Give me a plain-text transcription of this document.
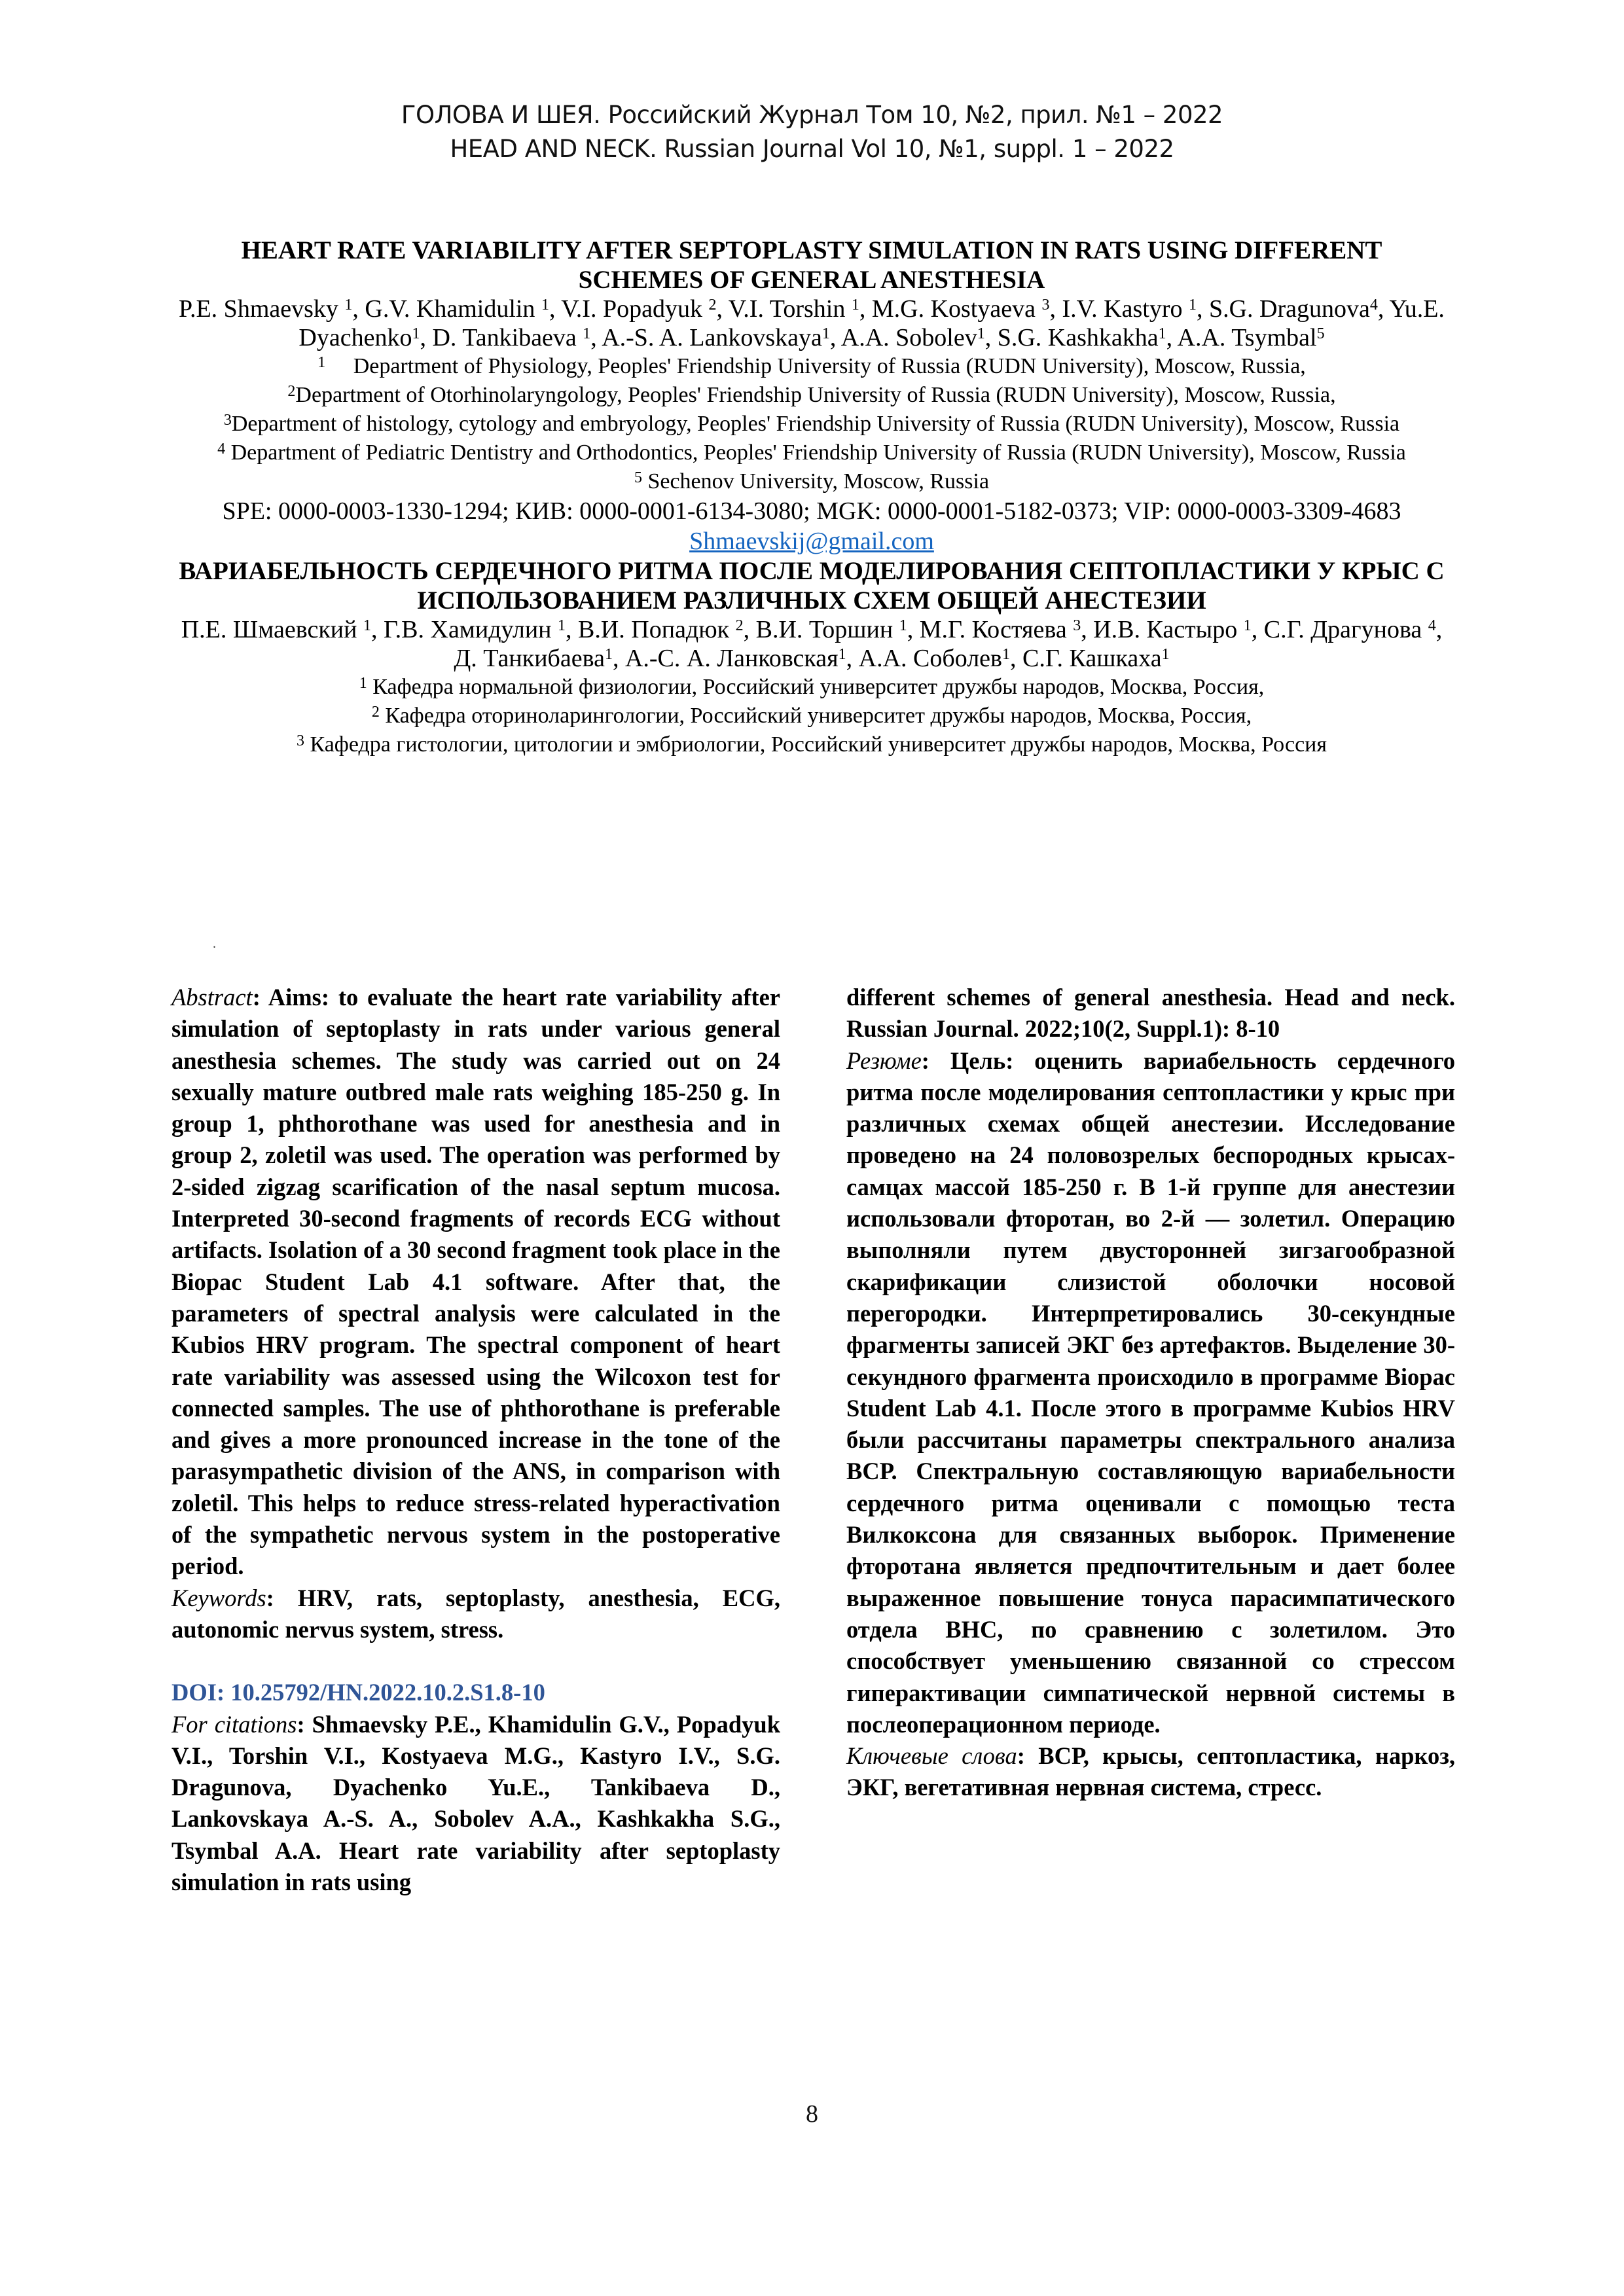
ГОЛОВА И ШЕЯ. Российский Журнал Том 10, №2, прил. №1 – 2022
HEAD AND NECK. Russian Journal Vol 10, №1, suppl. 1 – 2022

HEART RATE VARIABILITY AFTER SEPTOPLASTY SIMULATION IN RATS USING DIFFERENT SCHEMES OF GENERAL ANESTHESIA

P.E. Shmaevsky $^1$, G.V. Khamidulin $^1$, V.I. Popadyuk $^2$, V.I. Torshin $^1$, M.G. Kostyaeva $^3$, I.V. Kastyro $^1$, S.G. Dragunova$^4$, Yu.E. Dyachenko$^1$, D. Tankibaeva $^1$, A.-S. A. Lankovskaya$^1$, A.A. Sobolev$^1$, S.G. Kashkakha$^1$, A.A. Tsymbal$^5$

$^1$     Department of Physiology, Peoples' Friendship University of Russia (RUDN University), Moscow, Russia,

$^2$Department of Otorhinolaryngology, Peoples' Friendship University of Russia (RUDN University), Moscow, Russia,

$^3$Department of histology, cytology and embryology, Peoples' Friendship University of Russia (RUDN University), Moscow, Russia

$^4$ Department of Pediatric Dentistry and Orthodontics, Peoples' Friendship University of Russia (RUDN University), Moscow, Russia

$^5$ Sechenov University, Moscow, Russia

SPE: 0000-0003-1330-1294; КИВ: 0000-0001-6134-3080; MGK: 0000-0001-5182-0373; VIP: 0000-0003-3309-4683

Shmaevskij@gmail.com

ВАРИАБЕЛЬНОСТЬ СЕРДЕЧНОГО РИТМА ПОСЛЕ МОДЕЛИРОВАНИЯ СЕПТОПЛАСТИКИ У КРЫС С ИСПОЛЬЗОВАНИЕМ РАЗЛИЧНЫХ СХЕМ ОБЩЕЙ АНЕСТЕЗИИ

П.Е. Шмаевский $^1$, Г.В. Хамидулин $^1$, В.И. Попадюк $^2$, В.И. Торшин $^1$, М.Г. Костяева $^3$, И.В. Кастыро $^1$, С.Г. Драгунова $^4$, Д. Танкибаева$^1$, А.-С. А. Ланковская$^1$, А.А. Соболев$^1$, С.Г. Кашкаха$^1$

$^1$ Кафедра нормальной физиологии, Российский университет дружбы народов, Москва, Россия,

$^2$ Кафедра оториноларингологии, Российский университет дружбы народов, Москва, Россия,

$^3$ Кафедра гистологии, цитологии и эмбриологии, Российский университет дружбы народов, Москва, Россия

.

Abstract: Aims: to evaluate the heart rate variability after simulation of septoplasty in rats under various general anesthesia schemes. The study was carried out on 24 sexually mature outbred male rats weighing 185-250 g. In group 1, phthorothane was used for anesthesia and in group 2, zoletil was used. The operation was performed by 2-sided zigzag scarification of the nasal septum mucosa. Interpreted 30-second fragments of records ECG without artifacts. Isolation of a 30 second fragment took place in the Biopac Student Lab 4.1 software. After that, the parameters of spectral analysis were calculated in the Kubios HRV program. The spectral component of heart rate variability was assessed using the Wilcoxon test for connected samples. The use of phthorothane is preferable and gives a more pronounced increase in the tone of the parasympathetic division of the ANS, in comparison with zoletil. This helps to reduce stress-related hyperactivation of the sympathetic nervous system in the postoperative period.

Keywords: HRV, rats, septoplasty, anesthesia, ECG, autonomic nervus system, stress.

DOI: 10.25792/HN.2022.10.2.S1.8-10

For citations: Shmaevsky P.E., Khamidulin G.V., Popadyuk V.I., Torshin V.I., Kostyaeva M.G., Kastyro I.V., S.G. Dragunova, Dyachenko Yu.E., Tankibaeva D., Lankovskaya A.-S. A., Sobolev A.A., Kashkakha S.G., Tsymbal A.A. Heart rate variability after septoplasty simulation in rats using

different schemes of general anesthesia. Head and neck. Russian Journal. 2022;10(2, Suppl.1): 8-10

Резюме: Цель: оценить вариабельность сердечного ритма после моделирования септопластики у крыс при различных схемах общей анестезии. Исследование проведено на 24 половозрелых беспородных крысах-самцах массой 185-250 г. В 1-й группе для анестезии использовали фторотан, во 2-й — золетил. Операцию выполняли путем двусторонней зигзагообразной скарификации слизистой оболочки носовой перегородки. Интерпретировались 30-секундные фрагменты записей ЭКГ без артефактов. Выделение 30-секундного фрагмента происходило в программе Biopac Student Lab 4.1. После этого в программе Kubios HRV были рассчитаны параметры спектрального анализа ВСР. Спектральную составляющую вариабельности сердечного ритма оценивали с помощью теста Вилкоксона для связанных выборок. Применение фторотана является предпочтительным и дает более выраженное повышение тонуса парасимпатического отдела ВНС, по сравнению с золетилом. Это способствует уменьшению связанной со стрессом гиперактивации симпатической нервной системы в послеоперационном периоде.

Ключевые слова: ВСР, крысы, септопластика, наркоз, ЭКГ, вегетативная нервная система, стресс.

8
